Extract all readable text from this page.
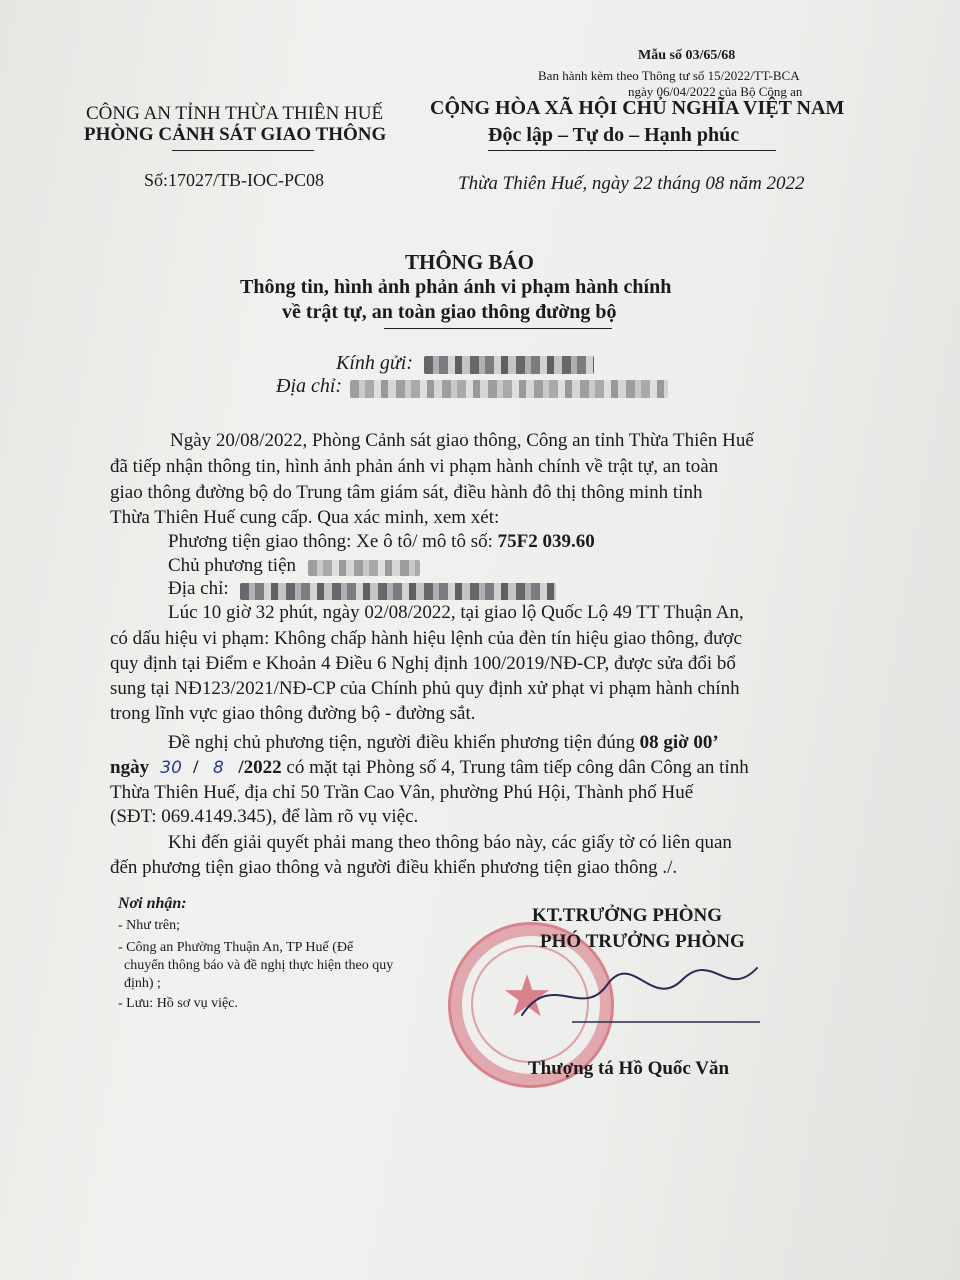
Mẫu số 03/65/68
Ban hành kèm theo Thông tư số 15/2022/TT-BCA
ngày 06/04/2022 của Bộ Công an
CÔNG AN TỈNH THỪA THIÊN HUẾ
PHÒNG CẢNH SÁT GIAO THÔNG
Số:17027/TB-IOC-PC08
CỘNG HÒA XÃ HỘI CHỦ NGHĨA VIỆT NAM
Độc lập – Tự do – Hạnh phúc
Thừa Thiên Huế, ngày 22 tháng 08 năm 2022
THÔNG BÁO
Thông tin, hình ảnh phản ánh vi phạm hành chính
về trật tự, an toàn giao thông đường bộ
Kính gửi:
Địa chỉ:
Ngày 20/08/2022, Phòng Cảnh sát giao thông, Công an tỉnh Thừa Thiên Huế
đã tiếp nhận thông tin, hình ảnh phản ánh vi phạm hành chính về trật tự, an toàn
giao thông đường bộ do Trung tâm giám sát, điều hành đô thị thông minh tỉnh
Thừa Thiên Huế cung cấp. Qua xác minh, xem xét:
Phương tiện giao thông: Xe ô tô/ mô tô số: 75F2 039.60
Chủ phương tiện
Địa chỉ:
Lúc 10 giờ 32 phút, ngày 02/08/2022, tại giao lộ Quốc Lộ 49 TT Thuận An,
có dấu hiệu vi phạm: Không chấp hành hiệu lệnh của đèn tín hiệu giao thông, được
quy định tại Điểm e Khoản 4 Điều 6 Nghị định 100/2019/NĐ-CP, được sửa đổi bổ
sung tại NĐ123/2021/NĐ-CP của Chính phủ quy định xử phạt vi phạm hành chính
trong lĩnh vực giao thông đường bộ - đường sắt.
Đề nghị chủ phương tiện, người điều khiển phương tiện đúng 08 giờ 00’
ngày 30 / 8 /2022 có mặt tại Phòng số 4, Trung tâm tiếp công dân Công an tỉnh
Thừa Thiên Huế, địa chỉ 50 Trần Cao Vân, phường Phú Hội, Thành phố Huế
(SĐT: 069.4149.345), để làm rõ vụ việc.
Khi đến giải quyết phải mang theo thông báo này, các giấy tờ có liên quan
đến phương tiện giao thông và người điều khiển phương tiện giao thông ./.
Nơi nhận:
- Như trên;
- Công an Phường Thuận An, TP Huế (Để
chuyển thông báo và đề nghị thực hiện theo quy
định) ;
- Lưu: Hồ sơ vụ việc.	★
KT.TRƯỞNG PHÒNG
PHÓ TRƯỞNG PHÒNG
Thượng tá Hồ Quốc Văn
